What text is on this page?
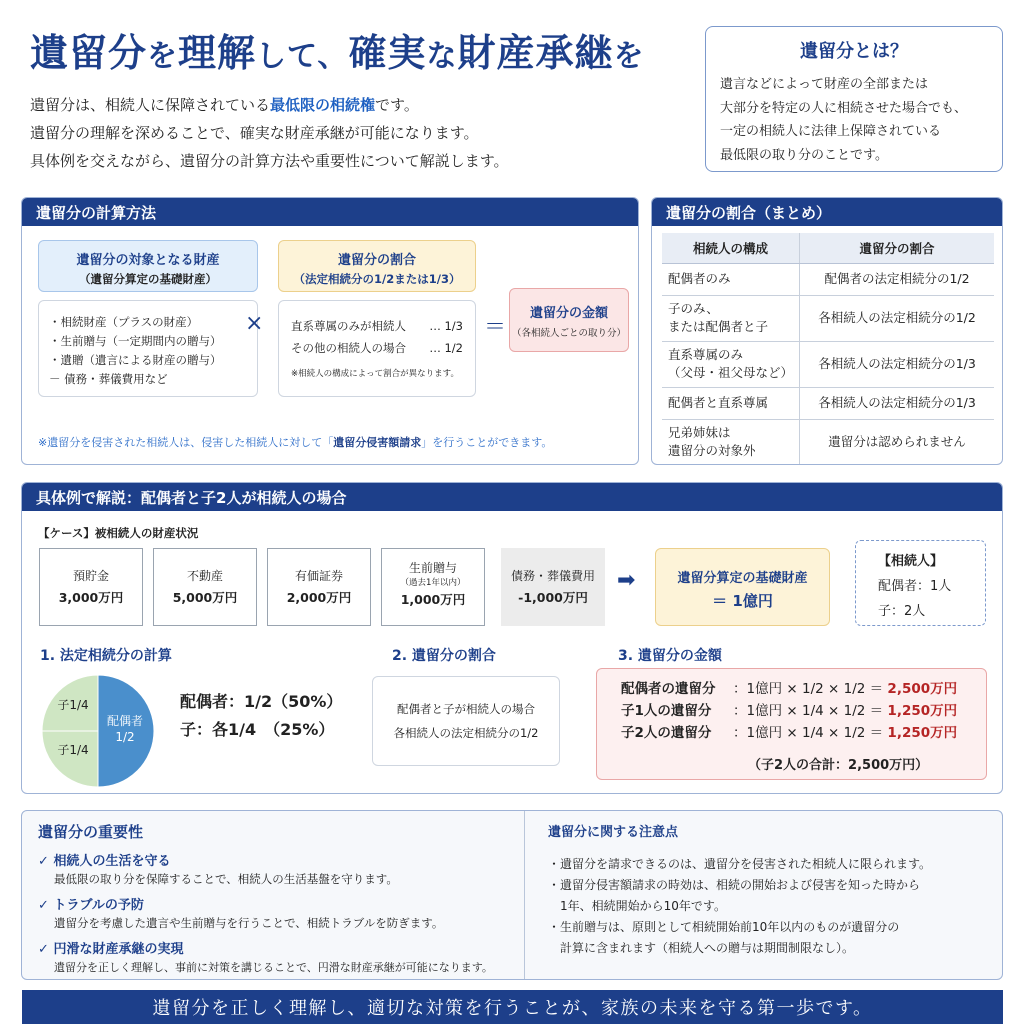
遺留分を理解して、確実な財産承継を
遺留分は、相続人に保障されている最低限の相続権です。
遺留分の理解を深めることで、確実な財産承継が可能になります。
具体例を交えながら、遺留分の計算方法や重要性について解説します。
遺留分とは？
遺言などによって財産の全部または
大部分を特定の人に相続させた場合でも、
一定の相続人に法律上保障されている
最低限の取り分のことです。
遺留分の計算方法
遺留分の対象となる財産
（遺留分算定の基礎財産）
・相続財産（プラスの財産）
・生前贈与（一定期間内の贈与）
・遺贈（遺言による財産の贈与）
－ 債務・葬儀費用など
×
遺留分の割合
（法定相続分の1/2または1/3）
直系尊属のみが相続人 … 1/3
その他の相続人の場合 … 1/2
※相続人の構成によって割合が異なります。
＝
遺留分の金額
（各相続人ごとの取り分）
※遺留分を侵害された相続人は、侵害した相続人に対して「遺留分侵害額請求」を行うことができます。
遺留分の割合（まとめ）
相続人の構成	遺留分の割合

配偶者のみ	配偶者の法定相続分の1/2

子のみ、
または配偶者と子	各相続人の法定相続分の1/2

直系尊属のみ
（父母・祖父母など）	各相続人の法定相続分の1/3

配偶者と直系尊属	各相続人の法定相続分の1/3

兄弟姉妹は
遺留分の対象外	遺留分は認められません
具体例で解説：配偶者と子2人が相続人の場合
【ケース】被相続人の財産状況
預貯金
3,000万円
不動産
5,000万円
有価証券
2,000万円
生前贈与
（過去1年以内）
1,000万円
債務・葬儀費用
-1,000万円
➡	遺留分算定の基礎財産
＝ 1億円
【相続人】
配偶者：1人
子：2人
1. 法定相続分の計算
配偶者
1/2
子1/4
子1/4
配偶者：1/2（50%）
子：各1/4　（25%）
2. 遺留分の割合
配偶者と子が相続人の場合
各相続人の法定相続分の1/2
3. 遺留分の金額
配偶者の遺留分 ：1億円 × 1/2 × 1/2 ＝ 2,500万円
子1人の遺留分 ：1億円 × 1/4 × 1/2 ＝ 1,250万円
子2人の遺留分 ：1億円 × 1/4 × 1/2 ＝ 1,250万円
（子2人の合計：2,500万円）
遺留分の重要性
✓ 相続人の生活を守る
最低限の取り分を保障することで、相続人の生活基盤を守ります。
✓ トラブルの予防
遺留分を考慮した遺言や生前贈与を行うことで、相続トラブルを防ぎます。
✓ 円滑な財産承継の実現
遺留分を正しく理解し、事前に対策を講じることで、円滑な財産承継が可能になります。
遺留分に関する注意点
・遺留分を請求できるのは、遺留分を侵害された相続人に限られます。
・遺留分侵害額請求の時効は、相続の開始および侵害を知った時から
　1年、相続開始から10年です。
・生前贈与は、原則として相続開始前10年以内のものが遺留分の
　計算に含まれます（相続人への贈与は期間制限なし）。
遺留分を正しく理解し、適切な対策を行うことが、家族の未来を守る第一歩です。
